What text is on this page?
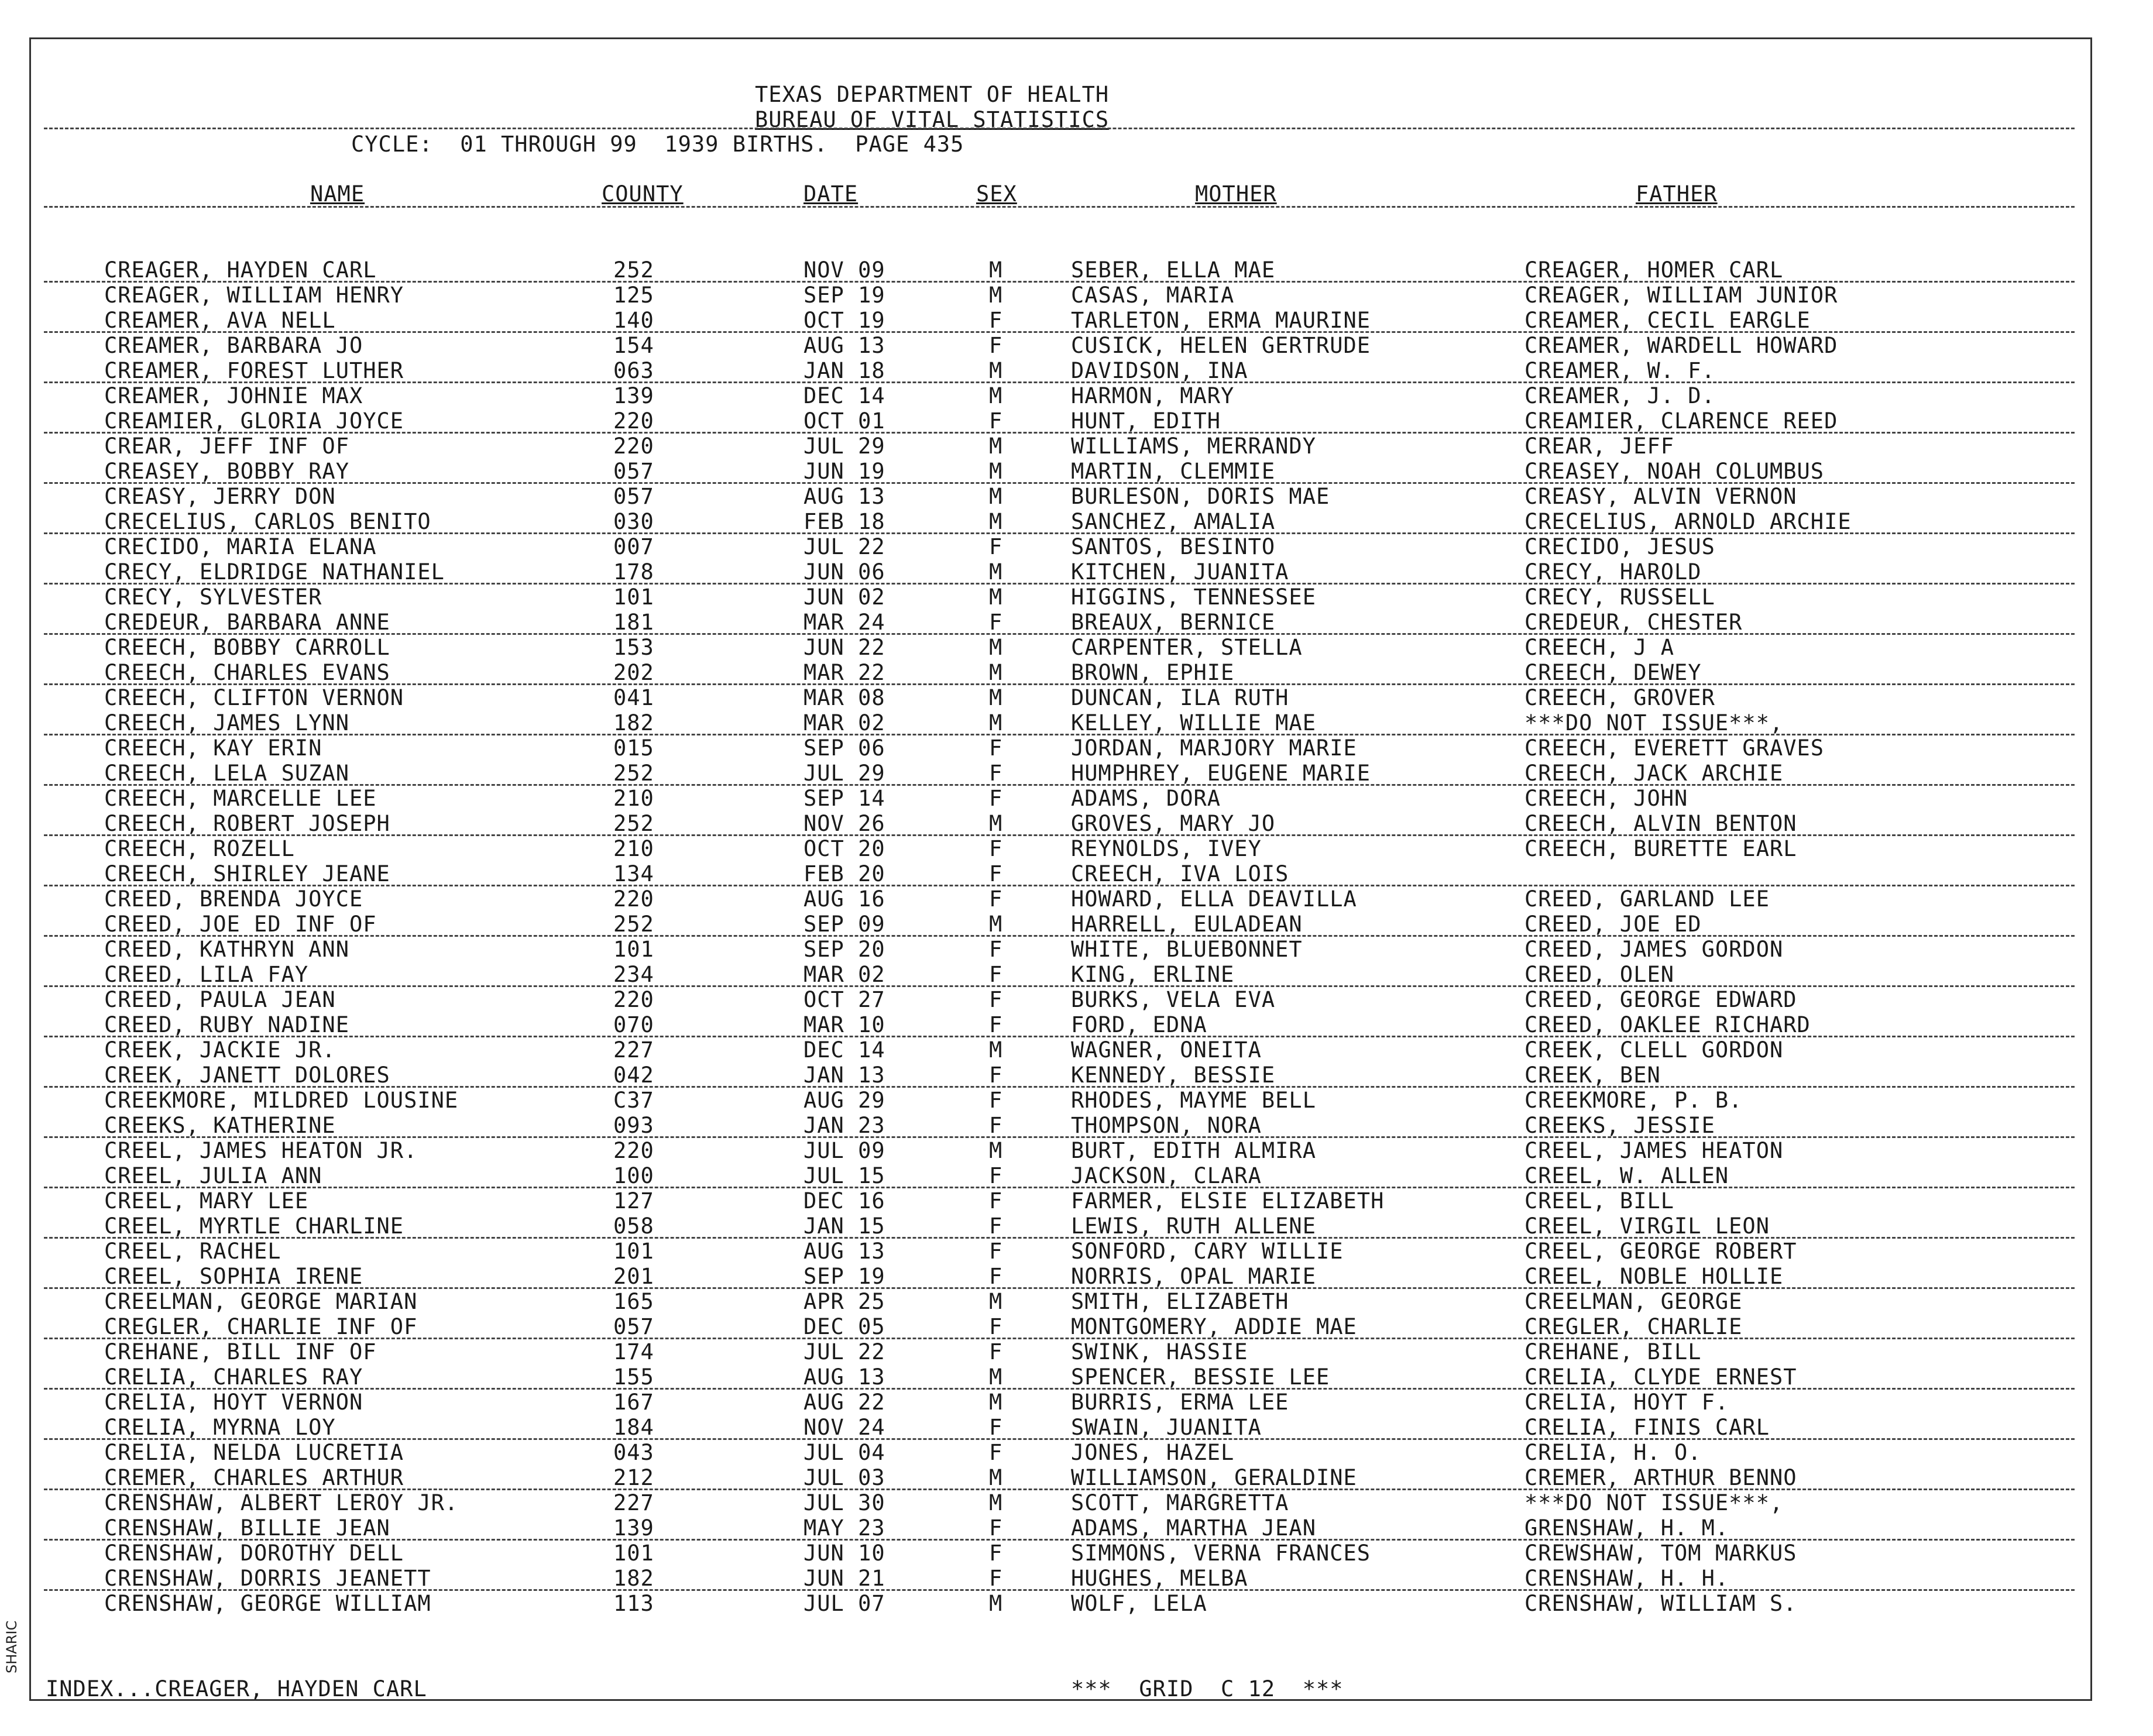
SHARIC
TEXAS DEPARTMENT OF HEALTH
BUREAU OF VITAL STATISTICS
CYCLE:  01 THROUGH 99  1939 BIRTHS.  PAGE 435
NAME	COUNTY	DATE	SEX	MOTHER	FATHER
CREAGER, HAYDEN CARL	252	NOV 09	M	SEBER, ELLA MAE	CREAGER, HOMER CARL
CREAGER, WILLIAM HENRY	125	SEP 19	M	CASAS, MARIA	CREAGER, WILLIAM JUNIOR
CREAMER, AVA NELL	140	OCT 19	F	TARLETON, ERMA MAURINE	CREAMER, CECIL EARGLE
CREAMER, BARBARA JO	154	AUG 13	F	CUSICK, HELEN GERTRUDE	CREAMER, WARDELL HOWARD
CREAMER, FOREST LUTHER	063	JAN 18	M	DAVIDSON, INA	CREAMER, W. F.
CREAMER, JOHNIE MAX	139	DEC 14	M	HARMON, MARY	CREAMER, J. D.
CREAMIER, GLORIA JOYCE	220	OCT 01	F	HUNT, EDITH	CREAMIER, CLARENCE REED
CREAR, JEFF INF OF	220	JUL 29	M	WILLIAMS, MERRANDY	CREAR, JEFF
CREASEY, BOBBY RAY	057	JUN 19	M	MARTIN, CLEMMIE	CREASEY, NOAH COLUMBUS
CREASY, JERRY DON	057	AUG 13	M	BURLESON, DORIS MAE	CREASY, ALVIN VERNON
CRECELIUS, CARLOS BENITO	030	FEB 18	M	SANCHEZ, AMALIA	CRECELIUS, ARNOLD ARCHIE
CRECIDO, MARIA ELANA	007	JUL 22	F	SANTOS, BESINTO	CRECIDO, JESUS
CRECY, ELDRIDGE NATHANIEL	178	JUN 06	M	KITCHEN, JUANITA	CRECY, HAROLD
CRECY, SYLVESTER	101	JUN 02	M	HIGGINS, TENNESSEE	CRECY, RUSSELL
CREDEUR, BARBARA ANNE	181	MAR 24	F	BREAUX, BERNICE	CREDEUR, CHESTER
CREECH, BOBBY CARROLL	153	JUN 22	M	CARPENTER, STELLA	CREECH, J A
CREECH, CHARLES EVANS	202	MAR 22	M	BROWN, EPHIE	CREECH, DEWEY
CREECH, CLIFTON VERNON	041	MAR 08	M	DUNCAN, ILA RUTH	CREECH, GROVER
CREECH, JAMES LYNN	182	MAR 02	M	KELLEY, WILLIE MAE	***DO NOT ISSUE***,
CREECH, KAY ERIN	015	SEP 06	F	JORDAN, MARJORY MARIE	CREECH, EVERETT GRAVES
CREECH, LELA SUZAN	252	JUL 29	F	HUMPHREY, EUGENE MARIE	CREECH, JACK ARCHIE
CREECH, MARCELLE LEE	210	SEP 14	F	ADAMS, DORA	CREECH, JOHN
CREECH, ROBERT JOSEPH	252	NOV 26	M	GROVES, MARY JO	CREECH, ALVIN BENTON
CREECH, ROZELL	210	OCT 20	F	REYNOLDS, IVEY	CREECH, BURETTE EARL
CREECH, SHIRLEY JEANE	134	FEB 20	F	CREECH, IVA LOIS
CREED, BRENDA JOYCE	220	AUG 16	F	HOWARD, ELLA DEAVILLA	CREED, GARLAND LEE
CREED, JOE ED INF OF	252	SEP 09	M	HARRELL, EULADEAN	CREED, JOE ED
CREED, KATHRYN ANN	101	SEP 20	F	WHITE, BLUEBONNET	CREED, JAMES GORDON
CREED, LILA FAY	234	MAR 02	F	KING, ERLINE	CREED, OLEN
CREED, PAULA JEAN	220	OCT 27	F	BURKS, VELA EVA	CREED, GEORGE EDWARD
CREED, RUBY NADINE	070	MAR 10	F	FORD, EDNA	CREED, OAKLEE RICHARD
CREEK, JACKIE JR.	227	DEC 14	M	WAGNER, ONEITA	CREEK, CLELL GORDON
CREEK, JANETT DOLORES	042	JAN 13	F	KENNEDY, BESSIE	CREEK, BEN
CREEKMORE, MILDRED LOUSINE	C37	AUG 29	F	RHODES, MAYME BELL	CREEKMORE, P. B.
CREEKS, KATHERINE	093	JAN 23	F	THOMPSON, NORA	CREEKS, JESSIE
CREEL, JAMES HEATON JR.	220	JUL 09	M	BURT, EDITH ALMIRA	CREEL, JAMES HEATON
CREEL, JULIA ANN	100	JUL 15	F	JACKSON, CLARA	CREEL, W. ALLEN
CREEL, MARY LEE	127	DEC 16	F	FARMER, ELSIE ELIZABETH	CREEL, BILL
CREEL, MYRTLE CHARLINE	058	JAN 15	F	LEWIS, RUTH ALLENE	CREEL, VIRGIL LEON
CREEL, RACHEL	101	AUG 13	F	SONFORD, CARY WILLIE	CREEL, GEORGE ROBERT
CREEL, SOPHIA IRENE	201	SEP 19	F	NORRIS, OPAL MARIE	CREEL, NOBLE HOLLIE
CREELMAN, GEORGE MARIAN	165	APR 25	M	SMITH, ELIZABETH	CREELMAN, GEORGE
CREGLER, CHARLIE INF OF	057	DEC 05	F	MONTGOMERY, ADDIE MAE	CREGLER, CHARLIE
CREHANE, BILL INF OF	174	JUL 22	F	SWINK, HASSIE	CREHANE, BILL
CRELIA, CHARLES RAY	155	AUG 13	M	SPENCER, BESSIE LEE	CRELIA, CLYDE ERNEST
CRELIA, HOYT VERNON	167	AUG 22	M	BURRIS, ERMA LEE	CRELIA, HOYT F.
CRELIA, MYRNA LOY	184	NOV 24	F	SWAIN, JUANITA	CRELIA, FINIS CARL
CRELIA, NELDA LUCRETIA	043	JUL 04	F	JONES, HAZEL	CRELIA, H. O.
CREMER, CHARLES ARTHUR	212	JUL 03	M	WILLIAMSON, GERALDINE	CREMER, ARTHUR BENNO
CRENSHAW, ALBERT LEROY JR.	227	JUL 30	M	SCOTT, MARGRETTA	***DO NOT ISSUE***,
CRENSHAW, BILLIE JEAN	139	MAY 23	F	ADAMS, MARTHA JEAN	GRENSHAW, H. M.
CRENSHAW, DOROTHY DELL	101	JUN 10	F	SIMMONS, VERNA FRANCES	CREWSHAW, TOM MARKUS
CRENSHAW, DORRIS JEANETT	182	JUN 21	F	HUGHES, MELBA	CRENSHAW, H. H.
CRENSHAW, GEORGE WILLIAM	113	JUL 07	M	WOLF, LELA	CRENSHAW, WILLIAM S.
INDEX...CREAGER, HAYDEN CARL	***  GRID  C 12  ***
